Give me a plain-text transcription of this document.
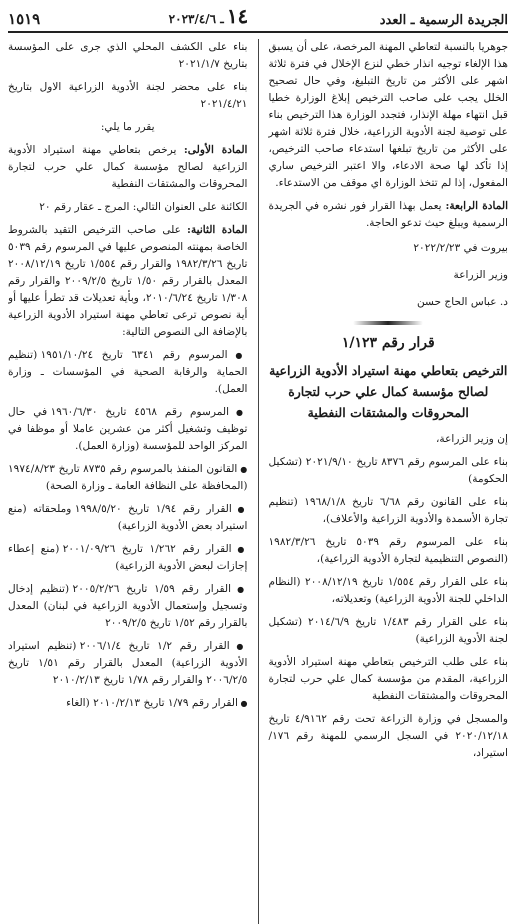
الجريدة الرسمية ـ العدد
١٤ـ ٢٠٢٣/٤/٦
١٥١٩

جوهريا بالنسبة لتعاطي المهنة المرخصة، على أن يسبق هذا الإلغاء توجيه انذار خطي لنزع الإخلال في فترة ثلاثة اشهر على الأكثر من تاريخ التبليغ، وفي حال تصحيح الخلل يجب على صاحب الترخيص إبلاغ الوزارة خطيا قبل انتهاء مهلة الإنذار، فتجدد الوزارة هذا الترخيص بناء على توصية لجنة الأدوية الزراعية، خلال فترة ثلاثة اشهر على الأكثر من تاريخ تبلغها استدعاء صاحب الترخيص، إذا تأكد لها صحة الادعاء، والا اعتبر الترخيص ساري المفعول، إذا لم تتخذ الوزارة اي موقف من الاستدعاء.

المادة الرابعة: يعمل بهذا القرار فور نشره في الجريدة الرسمية ويبلغ حيث تدعو الحاجة.

بيروت في ٢٠٢٢/٢/٢٣

وزير الزراعة

د. عباس الحاج حسن

قرار رقم ١/١٢٣
الترخيص بتعاطي مهنة استيراد الأدوية الزراعية لصالح مؤسسة كمال علي حرب لتجارة المحروقات والمشتقات النفطية

إن وزير الزراعة،

بناء على المرسوم رقم ٨٣٧٦ تاريخ ٢٠٢١/٩/١٠ (تشكيل الحكومة)

بناء على القانون رقم ٦/٦٨ تاريخ ١٩٦٨/١/٨ (تنظيم تجارة الأسمدة والأدوية الزراعية والأعلاف)،

بناء على المرسوم رقم ٥٠٣٩ تاريخ ١٩٨٢/٣/٢٦ (النصوص التنظيمية لتجارة الأدوية الزراعية)،

بناء على القرار رقم ١/٥٥٤ تاريخ ٢٠٠٨/١٢/١٩ (النظام الداخلي للجنة الأدوية الزراعية) وتعديلاته،

بناء على القرار رقم ١/٤٨٣ تاريخ ٢٠١٤/٦/٩ (تشكيل لجنة الأدوية الزراعية)

بناء على طلب الترخيص بتعاطي مهنة استيراد الأدوية الزراعية، المقدم من مؤسسة كمال علي حرب لتجارة المحروقات والمشتقات النفطية

والمسجل في وزارة الزراعة تحت رقم ٤/٩١٦٢ تاريخ ٢٠٢٠/١٢/١٨ في السجل الرسمي للمهنة رقم ١٧٦/استيراد،

بناء على الكشف المحلي الذي جرى على المؤسسة بتاريخ ٢٠٢١/١/٧

بناء على محضر لجنة الأدوية الزراعية الاول بتاريخ ٢٠٢١/٤/٢١

يقرر ما يلي:

المادة الأولى: يرخص بتعاطي مهنة استيراد الأدوية الزراعية لصالح مؤسسة كمال علي حرب لتجارة المحروقات والمشتقات النفطية

الكائنة على العنوان التالي: المرج ـ عقار رقم ٢٠

المادة الثانية: على صاحب الترخيص التقيد بالشروط الخاصة بمهنته المنصوص عليها في المرسوم رقم ٥٠٣٩ تاريخ ١٩٨٢/٣/٢٦ والقرار رقم ١/٥٥٤ تاريخ ٢٠٠٨/١٢/١٩ المعدل بالقرار رقم ١/٥٠ تاريخ ٢٠٠٩/٢/٥ والقرار رقم ١/٣٠٨ تاريخ ٢٠١٠/٦/٢٤، وبأية تعديلات قد تطرأ عليها أو أية نصوص ترعى تعاطي مهنة استيراد الأدوية الزراعية بالإضافة الى النصوص التالية:

● المرسوم رقم ٦٣٤١ تاريخ ١٩٥١/١٠/٢٤ (تنظيم الحماية والرقابة الصحية في المؤسسات ـ وزارة العمل).

● المرسوم رقم ٤٥٦٨ تاريخ ١٩٦٠/٦/٣٠ في حال توظيف وتشغيل أكثر من عشرين عاملا أو موظفا في المركز الواحد للمؤسسة (وزارة العمل).

● القانون المنفذ بالمرسوم رقم ٨٧٣٥ تاريخ ١٩٧٤/٨/٢٣ (المحافظة على النظافة العامة ـ وزارة الصحة)

● القرار رقم ١/٩٤ تاريخ ١٩٩٨/٥/٢٠ وملحقاته (منع استيراد بعض الأدوية الزراعية)

● القرار رقم ١/٢٦٢ تاريخ ٢٠٠١/٠٩/٢٦ (منع إعطاء إجازات لبعض الأدوية الزراعية)

● القرار رقم ١/٥٩ تاريخ ٢٠٠٥/٢/٢٦ (تنظيم إدخال وتسجيل وإستعمال الأدوية الزراعية في لبنان) المعدل بالقرار رقم ١/٥٢ تاريخ ٢٠٠٩/٢/٥

● القرار رقم ١/٢ تاريخ ٢٠٠٦/١/٤ (تنظيم استيراد الأدوية الزراعية) المعدل بالقرار رقم ١/٥١ تاريخ ٢٠٠٦/٢/٥ والقرار رقم ١/٧٨ تاريخ ٢٠١٠/٢/١٣

● القرار رقم ١/٧٩ تاريخ ٢٠١٠/٢/١٣ (الغاء
